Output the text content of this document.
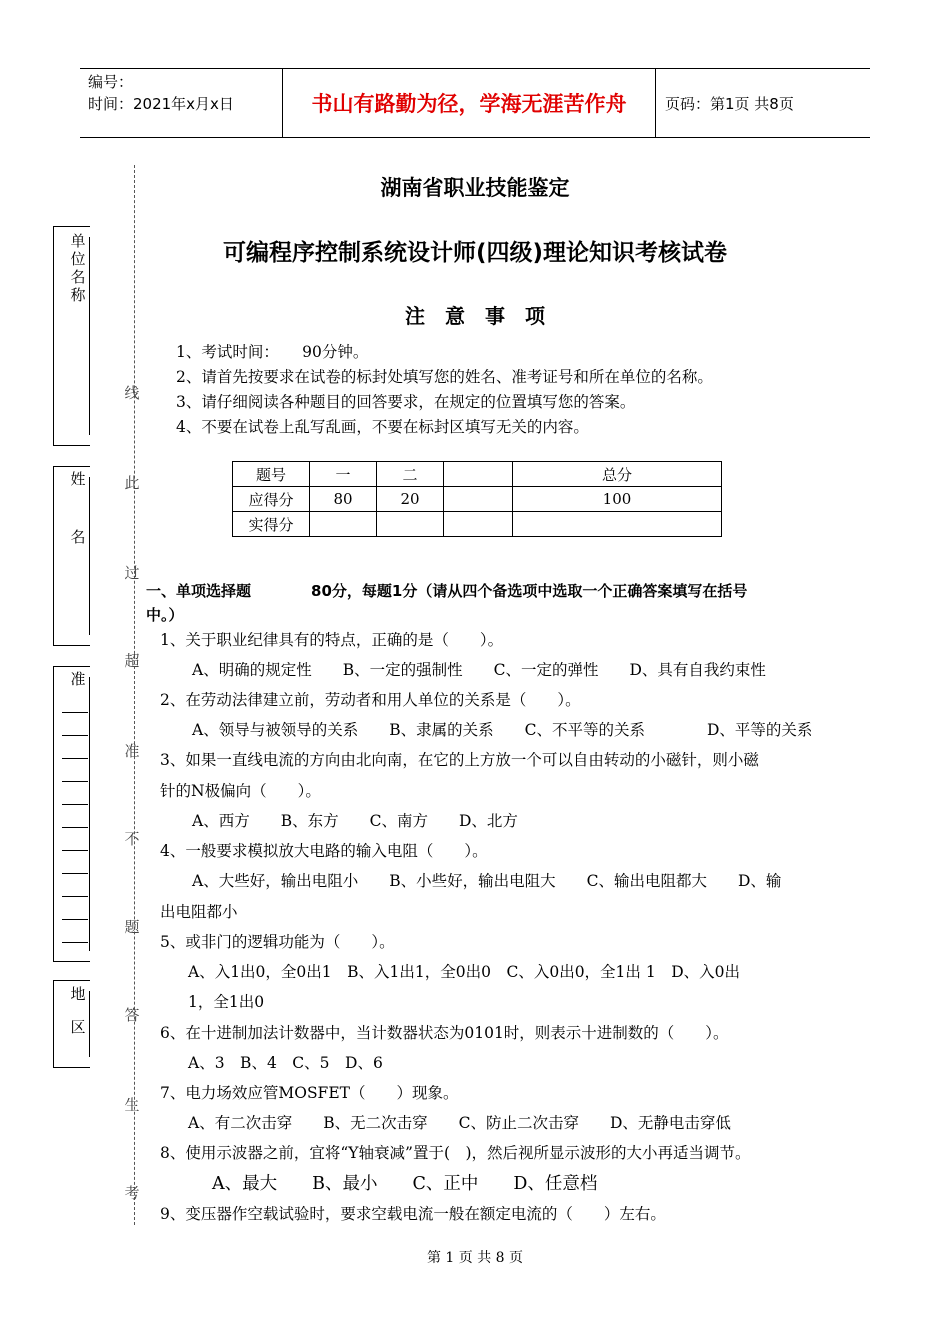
编号：
时间：2021年x月x日	书山有路勤为径，学海无涯苦作舟	页码：第1页 共8页
单位名称
姓
名
准
地
区
线
此
过
超
准
不
题
答
生
考
湖南省职业技能鉴定
可编程序控制系统设计师(四级)理论知识考核试卷
注　意　事　项
1、考试时间：　　90分钟。
2、请首先按要求在试卷的标封处填写您的姓名、准考证号和所在单位的名称。
3、请仔细阅读各种题目的回答要求，在规定的位置填写您的答案。
4、不要在试卷上乱写乱画，不要在标封区填写无关的内容。
题号	一	二		总分
应得分	80	20		100
实得分				
一、单项选择题　　　　80分，每题1分（请从四个备选项中选取一个正确答案填写在括号
中。）
1、关于职业纪律具有的特点，正确的是（　　）。
A、明确的规定性　　B、一定的强制性　　C、一定的弹性　　D、具有自我约束性
2、在劳动法律建立前，劳动者和用人单位的关系是（　　）。
A、领导与被领导的关系　　B、隶属的关系　　C、不平等的关系　　　　D、平等的关系
3、如果一直线电流的方向由北向南，在它的上方放一个可以自由转动的小磁针，则小磁
针的N极偏向（　　）。
A、西方　　B、东方　　C、南方　　D、北方
4、一般要求模拟放大电路的输入电阻（　　）。
A、大些好，输出电阻小　　B、小些好，输出电阻大　　C、输出电阻都大　　D、输
出电阻都小
5、或非门的逻辑功能为（　　）。
A、入1出0，全0出1　B、入1出1，全0出0　C、入0出0，全1出 1　D、入0出
1，全1出0
6、在十进制加法计数器中，当计数器状态为0101时，则表示十进制数的（　　）。
A、3　B、4　C、5　D、6
7、电力场效应管MOSFET（　　）现象。
A、有二次击穿　　B、无二次击穿　　C、防止二次击穿　　D、无静电击穿低
8、使用示波器之前，宜将“Y轴衰减”置于(　)，然后视所显示波形的大小再适当调节。
A、最大　　B、最小　　C、正中　　D、任意档
9、变压器作空载试验时，要求空载电流一般在额定电流的（　　）左右。
第 1 页 共 8 页
